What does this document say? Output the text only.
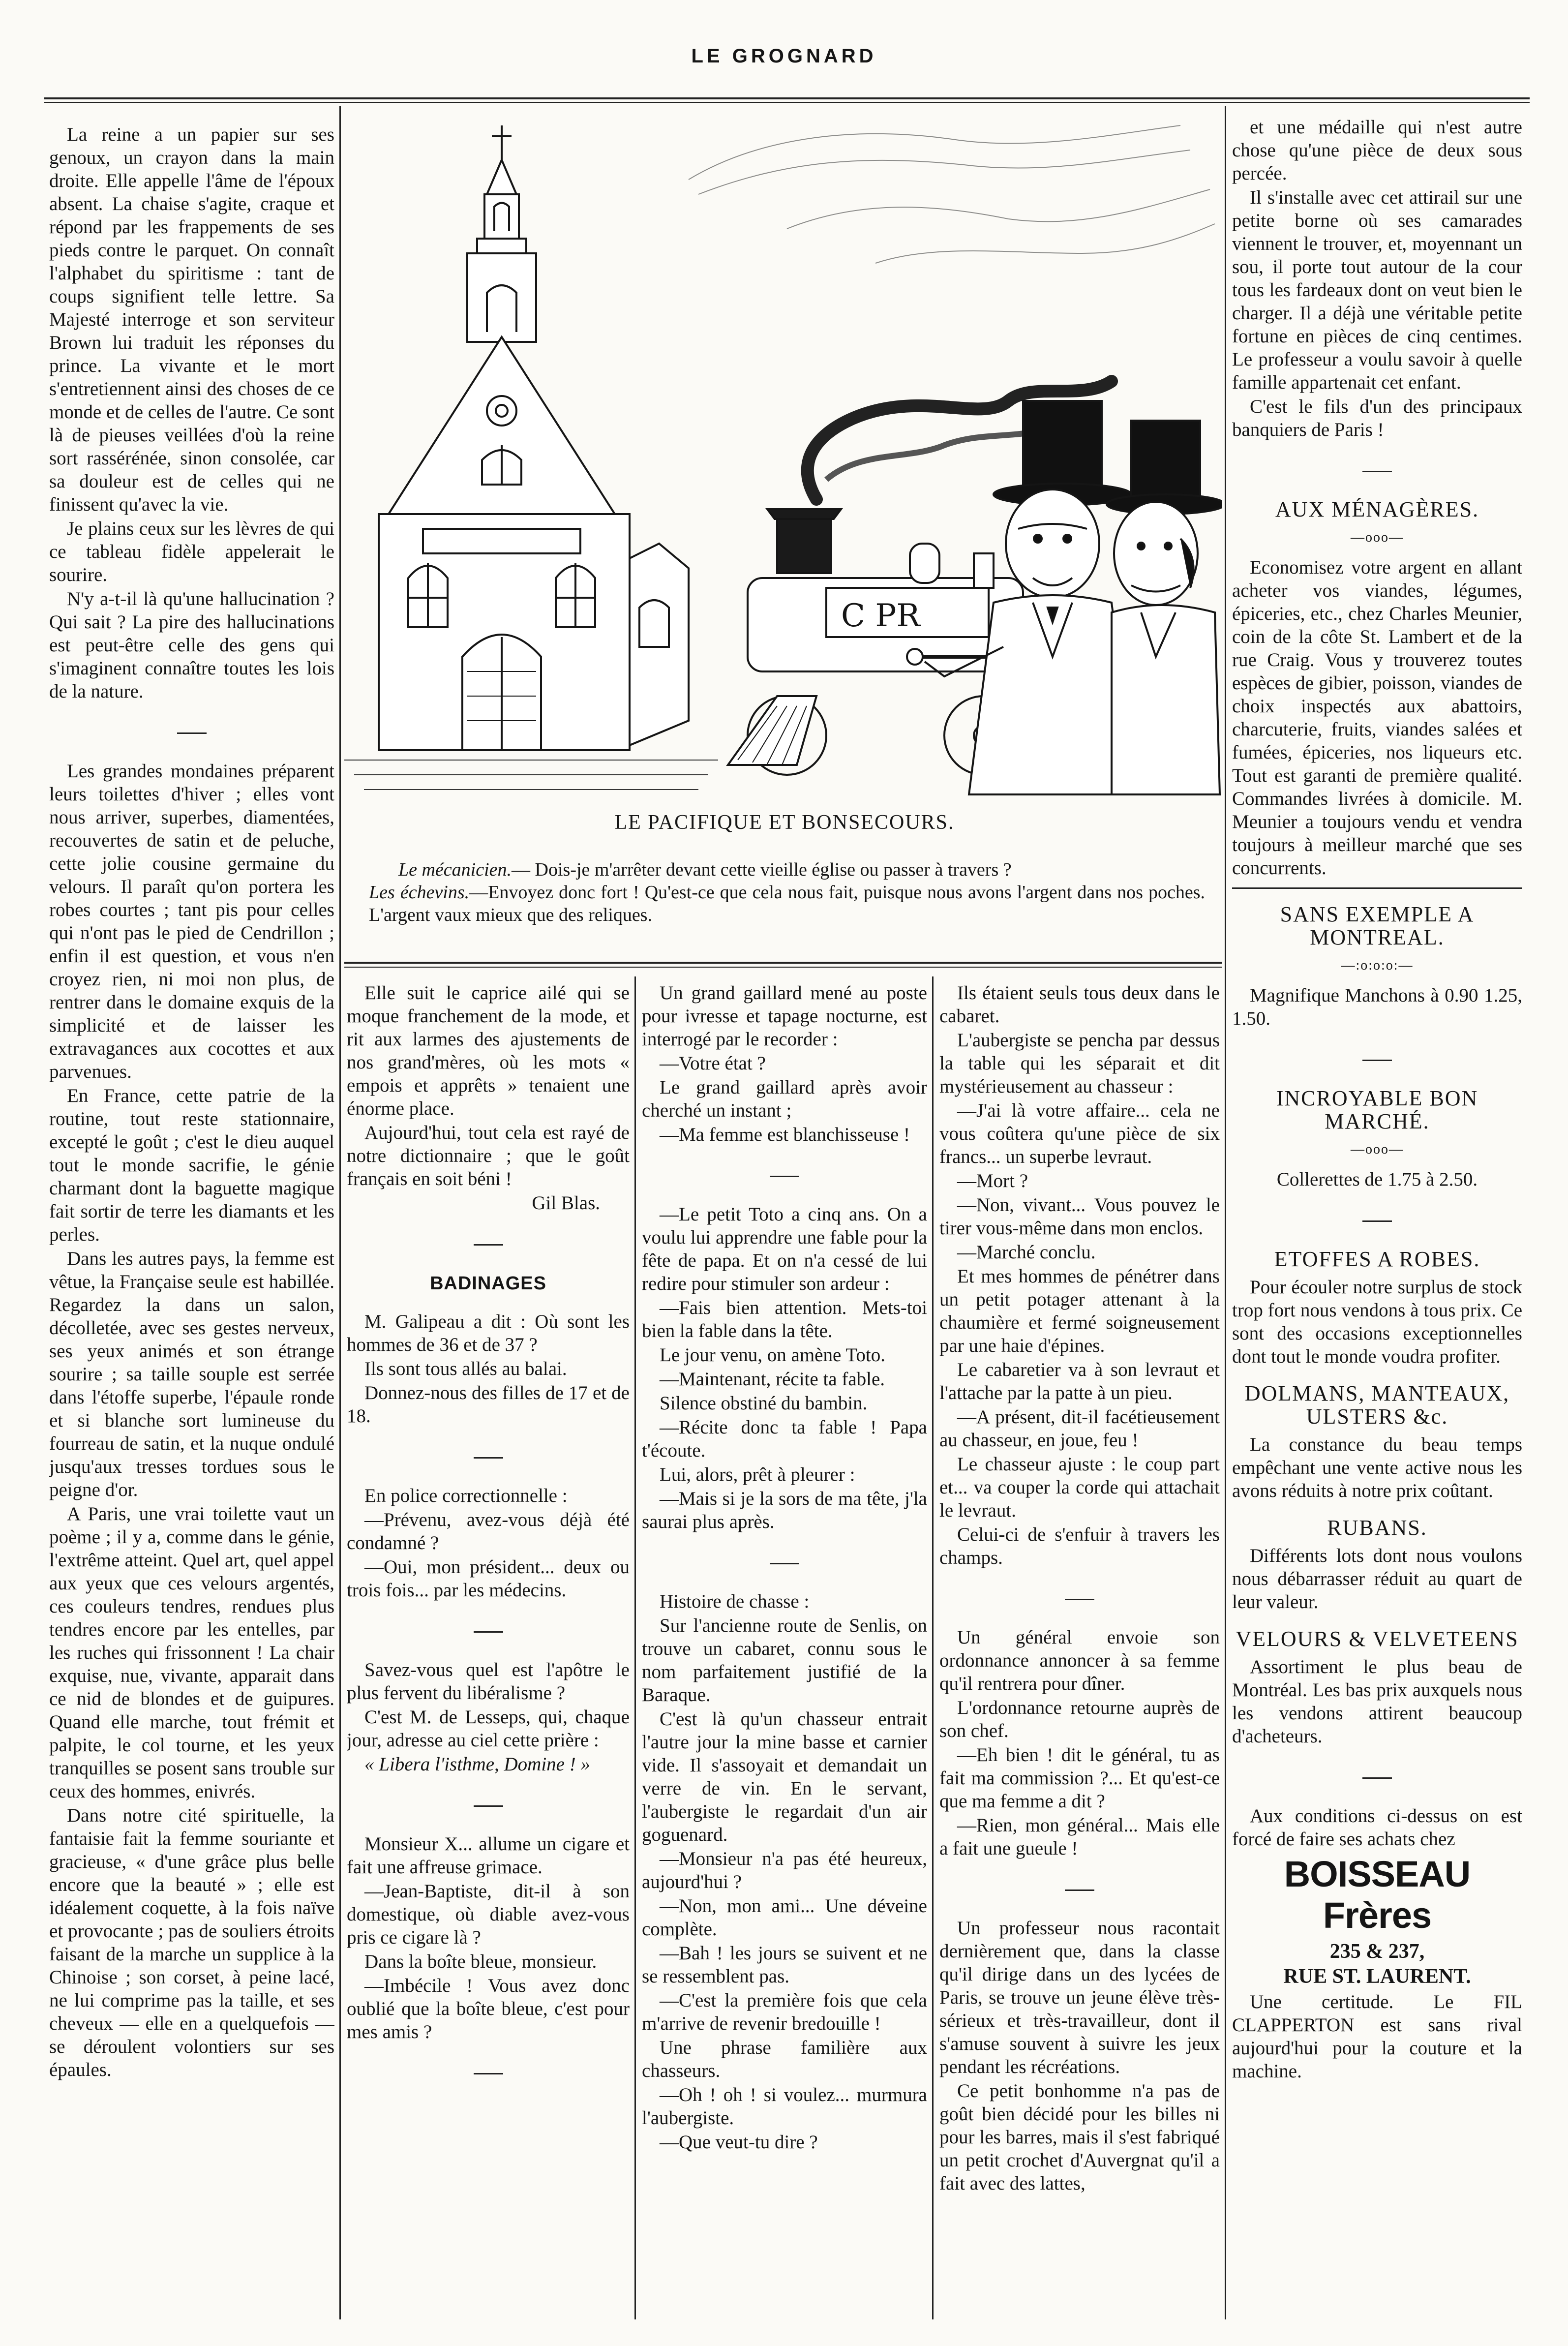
LE GROGNARD
C PR
LE PACIFIQUE ET BONSECOURS.
Le mécanicien.— Dois-je m'arrêter devant cette vieille église ou passer à travers ?
Les échevins.—Envoyez donc fort ! Qu'est-ce que cela nous fait, puisque nous avons l'argent dans nos poches. L'argent vaux mieux que des reliques.

La reine a un papier sur ses genoux, un crayon dans la main droite. Elle appelle l'âme de l'époux absent. La chaise s'agite, craque et répond par les frappements de ses pieds contre le parquet. On connaît l'alphabet du spiritisme : tant de coups signifient telle lettre. Sa Majesté interroge et son serviteur Brown lui traduit les réponses du prince. La vivante et le mort s'entretiennent ainsi des choses de ce monde et de celles de l'autre. Ce sont là de pieuses veillées d'où la reine sort rassérénée, sinon consolée, car sa douleur est de celles qui ne finissent qu'avec la vie.

Je plains ceux sur les lèvres de qui ce tableau fidèle appelerait le sourire.

N'y a-t-il là qu'une hallucination ? Qui sait ? La pire des hallucinations est peut-être celle des gens qui s'imaginent connaître toutes les lois de la nature.

Les grandes mondaines préparent leurs toilettes d'hiver ; elles vont nous arriver, superbes, diamentées, recouvertes de satin et de peluche, cette jolie cousine germaine du velours. Il paraît qu'on portera les robes courtes ; tant pis pour celles qui n'ont pas le pied de Cendrillon ; enfin il est question, et vous n'en croyez rien, ni moi non plus, de rentrer dans le domaine exquis de la simplicité et de laisser les extravagances aux cocottes et aux parvenues.

En France, cette patrie de la routine, tout reste stationnaire, excepté le goût ; c'est le dieu auquel tout le monde sacrifie, le génie charmant dont la baguette magique fait sortir de terre les diamants et les perles.

Dans les autres pays, la femme est vêtue, la Française seule est habillée. Regardez la dans un salon, décolletée, avec ses gestes nerveux, ses yeux animés et son étrange sourire ; sa taille souple est serrée dans l'étoffe superbe, l'épaule ronde et si blanche sort lumineuse du fourreau de satin, et la nuque ondulé jusqu'aux tresses tordues sous le peigne d'or.

A Paris, une vrai toilette vaut un poème ; il y a, comme dans le génie, l'extrême atteint. Quel art, quel appel aux yeux que ces velours argentés, ces couleurs tendres, rendues plus tendres encore par les entelles, par les ruches qui frissonnent ! La chair exquise, nue, vivante, apparait dans ce nid de blondes et de guipures. Quand elle marche, tout frémit et palpite, le col tourne, et les yeux tranquilles se posent sans trouble sur ceux des hommes, enivrés.

Dans notre cité spirituelle, la fantaisie fait la femme souriante et gracieuse, « d'une grâce plus belle encore que la beauté » ; elle est idéalement coquette, à la fois naïve et provocante ; pas de souliers étroits faisant de la marche un supplice à la Chinoise ; son corset, à peine lacé, ne lui comprime pas la taille, et ses cheveux — elle en a quelquefois — se déroulent volontiers sur ses épaules.

Elle suit le caprice ailé qui se moque franchement de la mode, et rit aux larmes des ajustements de nos grand'mères, où les mots « empois et apprêts » tenaient une énorme place.

Aujourd'hui, tout cela est rayé de notre dictionnaire ; que le goût français en soit béni !

Gil Blas.

BADINAGES

M. Galipeau a dit : Où sont les hommes de 36 et de 37 ?

Ils sont tous allés au balai.

Donnez-nous des filles de 17 et de 18.

En police correctionnelle :

—Prévenu, avez-vous déjà été condamné ?

—Oui, mon président... deux ou trois fois... par les médecins.

Savez-vous quel est l'apôtre le plus fervent du libéralisme ?

C'est M. de Lesseps, qui, chaque jour, adresse au ciel cette prière :

« Libera l'isthme, Domine ! »

Monsieur X... allume un cigare et fait une affreuse grimace.

—Jean-Baptiste, dit-il à son domestique, où diable avez-vous pris ce cigare là ?

Dans la boîte bleue, monsieur.

—Imbécile ! Vous avez donc oublié que la boîte bleue, c'est pour mes amis ?

Un grand gaillard mené au poste pour ivresse et tapage nocturne, est interrogé par le recorder :

—Votre état ?

Le grand gaillard après avoir cherché un instant ;

—Ma femme est blanchisseuse !

—Le petit Toto a cinq ans. On a voulu lui apprendre une fable pour la fête de papa. Et on n'a cessé de lui redire pour stimuler son ardeur :

—Fais bien attention. Mets-toi bien la fable dans la tête.

Le jour venu, on amène Toto.

—Maintenant, récite ta fable.

Silence obstiné du bambin.

—Récite donc ta fable ! Papa t'écoute.

Lui, alors, prêt à pleurer :

—Mais si je la sors de ma tête, j'la saurai plus après.

Histoire de chasse :

Sur l'ancienne route de Senlis, on trouve un cabaret, connu sous le nom parfaitement justifié de la Baraque.

C'est là qu'un chasseur entrait l'autre jour la mine basse et carnier vide. Il s'assoyait et demandait un verre de vin. En le servant, l'aubergiste le regardait d'un air goguenard.

—Monsieur n'a pas été heureux, aujourd'hui ?

—Non, mon ami... Une déveine complète.

—Bah ! les jours se suivent et ne se ressemblent pas.

—C'est la première fois que cela m'arrive de revenir bredouille !

Une phrase familière aux chasseurs.

—Oh ! oh ! si voulez... murmura l'aubergiste.

—Que veut-tu dire ?

Ils étaient seuls tous deux dans le cabaret.

L'aubergiste se pencha par dessus la table qui les séparait et dit mystérieusement au chasseur :

—J'ai là votre affaire... cela ne vous coûtera qu'une pièce de six francs... un superbe levraut.

—Mort ?

—Non, vivant... Vous pouvez le tirer vous-même dans mon enclos.

—Marché conclu.

Et mes hommes de pénétrer dans un petit potager attenant à la chaumière et fermé soigneusement par une haie d'épines.

Le cabaretier va à son levraut et l'attache par la patte à un pieu.

—A présent, dit-il facétieusement au chasseur, en joue, feu !

Le chasseur ajuste : le coup part et... va couper la corde qui attachait le levraut.

Celui-ci de s'enfuir à travers les champs.

Un général envoie son ordonnance annoncer à sa femme qu'il rentrera pour dîner.

L'ordonnance retourne auprès de son chef.

—Eh bien ! dit le général, tu as fait ma commission ?... Et qu'est-ce que ma femme a dit ?

—Rien, mon général... Mais elle a fait une gueule !

Un professeur nous racontait dernièrement que, dans la classe qu'il dirige dans un des lycées de Paris, se trouve un jeune élève très-sérieux et très-travailleur, dont il s'amuse souvent à suivre les jeux pendant les récréations.

Ce petit bonhomme n'a pas de goût bien décidé pour les billes ni pour les barres, mais il s'est fabriqué un petit crochet d'Auvergnat qu'il a fait avec des lattes,

et une médaille qui n'est autre chose qu'une pièce de deux sous percée.

Il s'installe avec cet attirail sur une petite borne où ses camarades viennent le trouver, et, moyennant un sou, il porte tout autour de la cour tous les fardeaux dont on veut bien le charger. Il a déjà une véritable petite fortune en pièces de cinq centimes. Le professeur a voulu savoir à quelle famille appartenait cet enfant.

C'est le fils d'un des principaux banquiers de Paris !

AUX MÉNAGÈRES.

—ooo—

Economisez votre argent en allant acheter vos viandes, légumes, épiceries, etc., chez Charles Meunier, coin de la côte St. Lambert et de la rue Craig. Vous y trouverez toutes espèces de gibier, poisson, viandes de choix inspectés aux abattoirs, charcuterie, fruits, viandes salées et fumées, épiceries, nos liqueurs etc. Tout est garanti de première qualité. Commandes livrées à domicile. M. Meunier a toujours vendu et vendra toujours à meilleur marché que ses concurrents.

SANS EXEMPLE A MONTREAL.

—:o:o:o:—

Magnifique Manchons à 0.90 1.25, 1.50.

INCROYABLE BON MARCHÉ.

—ooo—

Collerettes de 1.75 à 2.50.

ETOFFES A ROBES.

Pour écouler notre surplus de stock trop fort nous vendons à tous prix. Ce sont des occasions exceptionnelles dont tout le monde voudra profiter.

DOLMANS, MANTEAUX, ULSTERS &c.

La constance du beau temps empêchant une vente active nous les avons réduits à notre prix coûtant.

RUBANS.

Différents lots dont nous voulons nous débarrasser réduit au quart de leur valeur.

VELOURS & VELVETEENS

Assortiment le plus beau de Montréal. Les bas prix auxquels nous les vendons attirent beaucoup d'acheteurs.

Aux conditions ci-dessus on est forcé de faire ses achats chez

BOISSEAU Frères

235 & 237,

RUE ST. LAURENT.

Une certitude. Le FIL CLAPPERTON est sans rival aujourd'hui pour la couture et la machine.
